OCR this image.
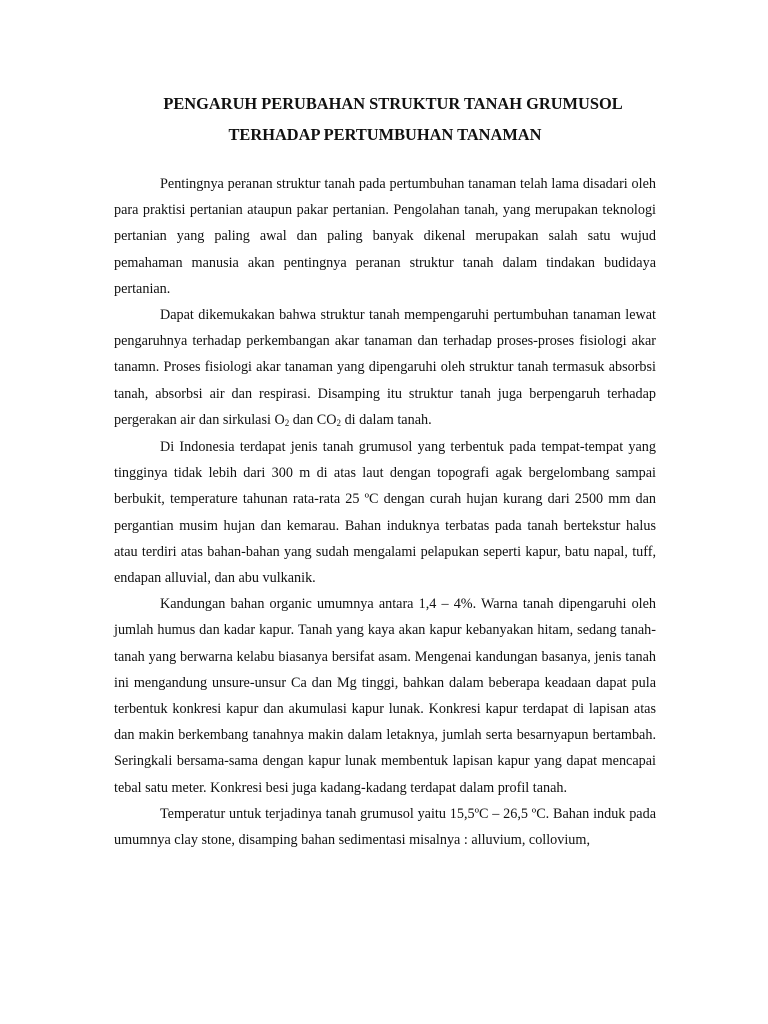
PENGARUH PERUBAHAN STRUKTUR TANAH GRUMUSOL
TERHADAP PERTUMBUHAN TANAMAN

Pentingnya peranan struktur tanah pada pertumbuhan tanaman telah lama disadari oleh para praktisi pertanian ataupun pakar pertanian. Pengolahan tanah, yang merupakan teknologi pertanian yang paling awal dan paling banyak dikenal merupakan salah satu wujud pemahaman manusia akan pentingnya peranan struktur tanah dalam tindakan budidaya pertanian.

Dapat dikemukakan bahwa struktur tanah mempengaruhi pertumbuhan tanaman lewat pengaruhnya terhadap perkembangan akar tanaman dan terhadap proses-proses fisiologi akar tanamn. Proses fisiologi akar tanaman yang dipengaruhi oleh struktur tanah termasuk absorbsi tanah, absorbsi air dan respirasi. Disamping itu struktur tanah juga berpengaruh terhadap pergerakan air dan sirkulasi $O_2$ dan $CO_2$ di dalam tanah.

Di Indonesia terdapat jenis tanah grumusol yang terbentuk pada tempat-tempat yang tingginya tidak lebih dari 300 m di atas laut dengan topografi agak bergelombang sampai berbukit, temperature tahunan rata-rata 25 ºC dengan curah hujan kurang dari 2500 mm dan pergantian musim hujan dan kemarau. Bahan induknya terbatas pada tanah bertekstur halus atau terdiri atas bahan-bahan yang sudah mengalami pelapukan seperti kapur, batu napal, tuff, endapan alluvial, dan abu vulkanik.

Kandungan bahan organic umumnya antara 1,4 – 4%. Warna tanah dipengaruhi oleh jumlah humus dan kadar kapur. Tanah yang kaya akan kapur kebanyakan hitam, sedang tanah-tanah yang berwarna kelabu biasanya bersifat asam. Mengenai kandungan basanya, jenis tanah ini mengandung unsure-unsur Ca dan Mg tinggi, bahkan dalam beberapa keadaan dapat pula terbentuk konkresi kapur dan akumulasi kapur lunak. Konkresi kapur terdapat di lapisan atas dan makin berkembang tanahnya makin dalam letaknya, jumlah serta besarnyapun bertambah. Seringkali bersama-sama dengan kapur lunak membentuk lapisan kapur yang dapat mencapai tebal satu meter. Konkresi besi juga kadang-kadang terdapat dalam profil tanah.

Temperatur untuk terjadinya tanah grumusol yaitu 15,5ºC – 26,5 ºC. Bahan induk pada umumnya clay stone, disamping bahan sedimentasi misalnya : alluvium, collovium,
